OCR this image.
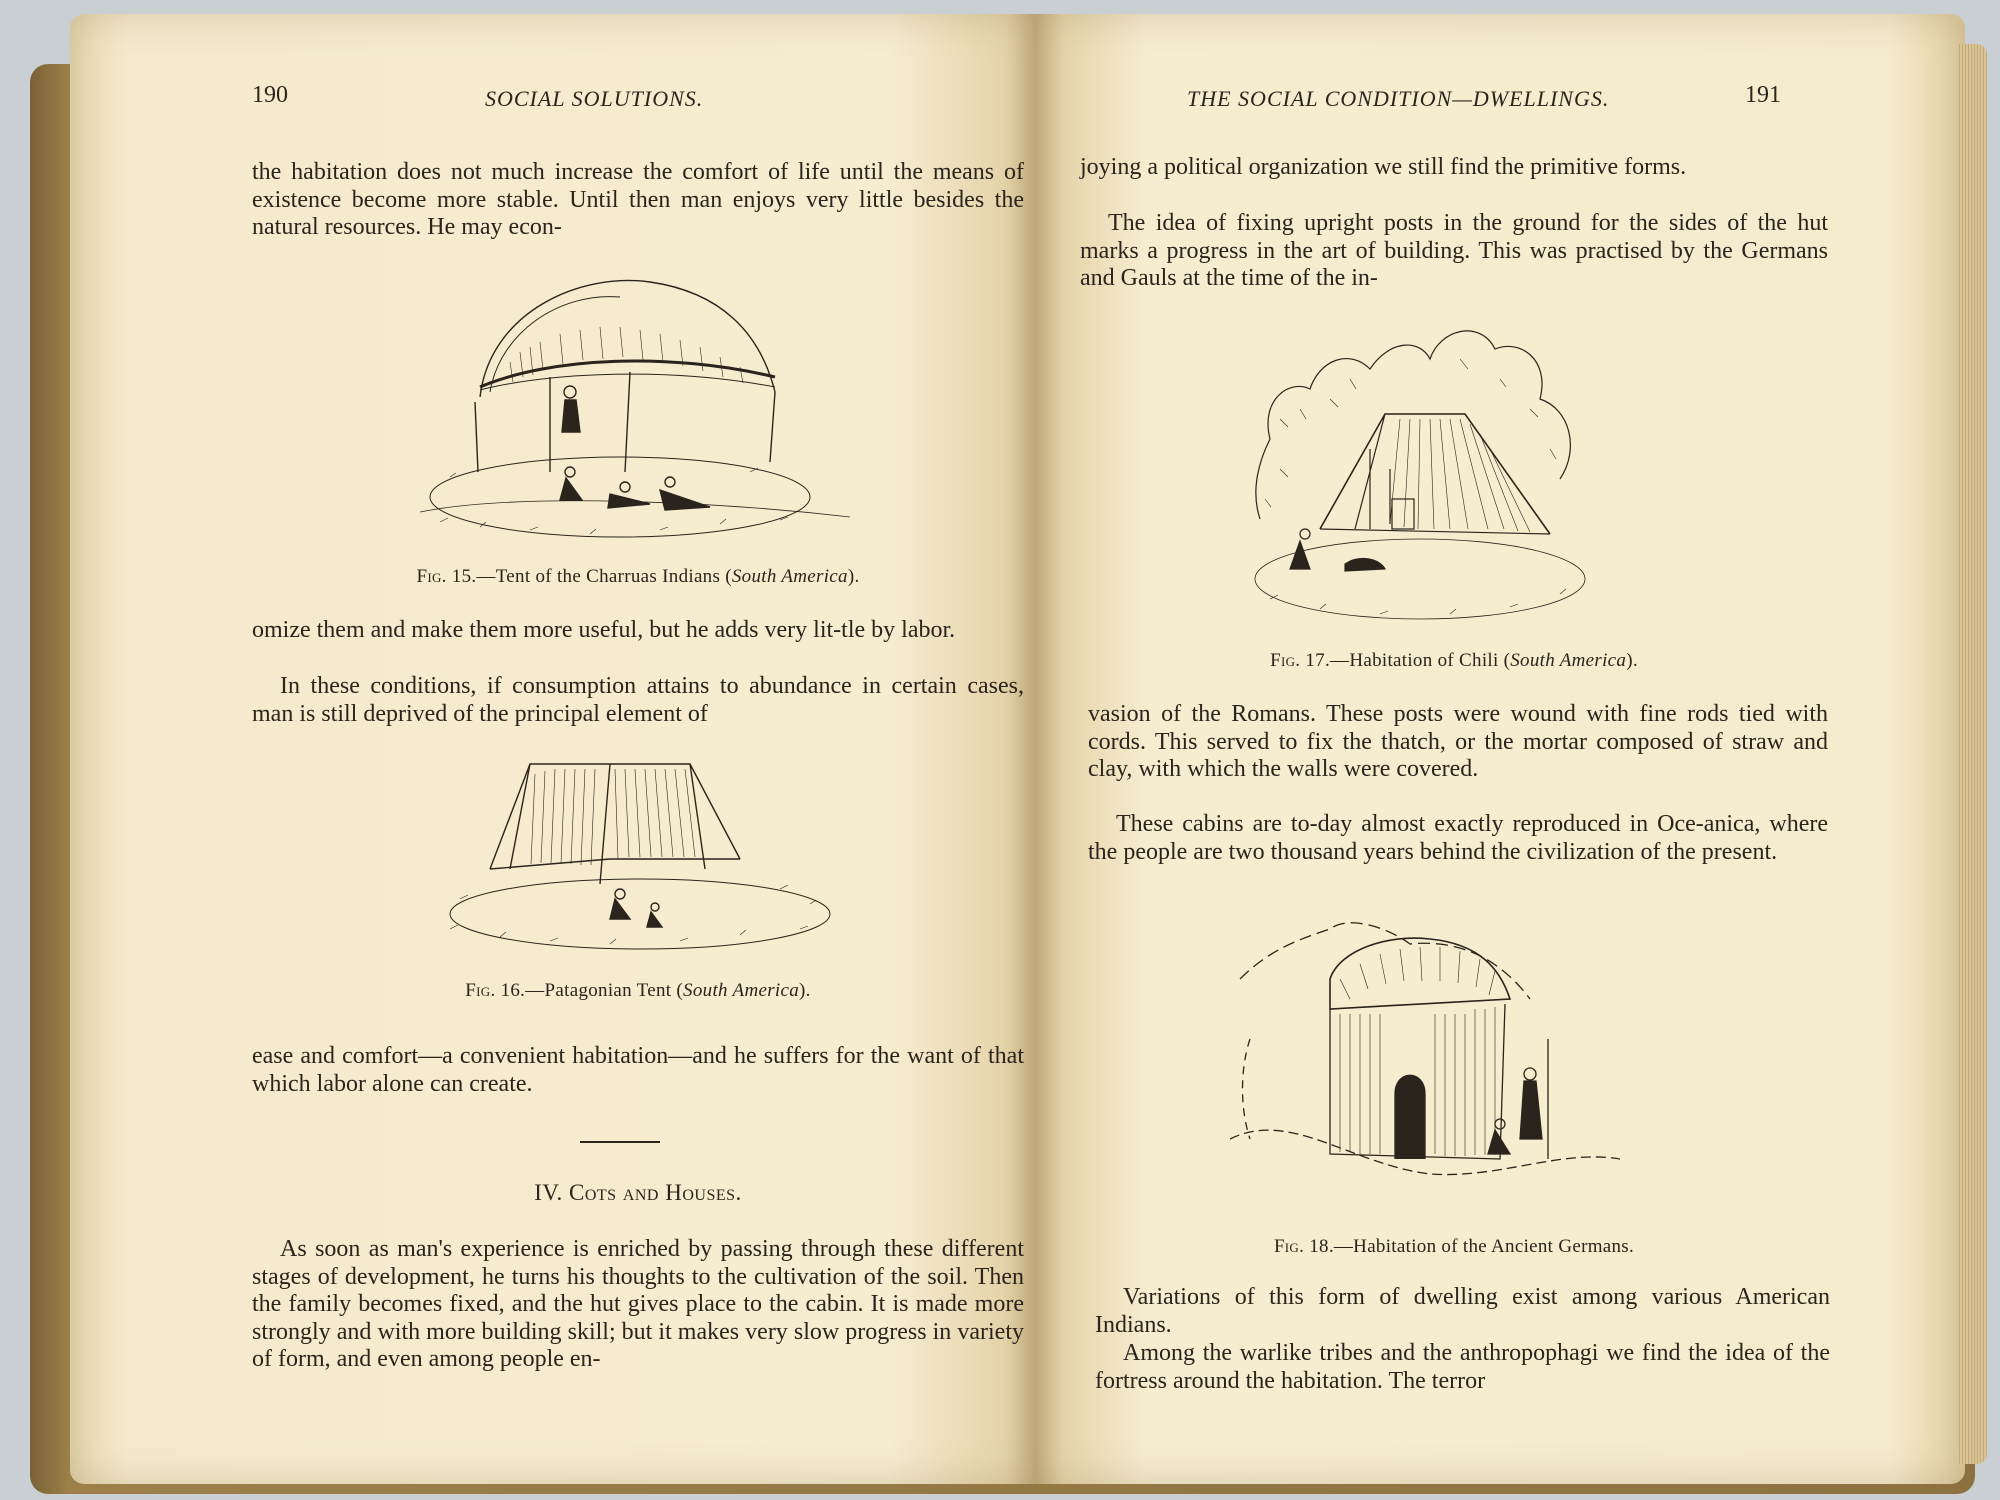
190	SOCIAL SOLUTIONS.

the habitation does not much increase the comfort of life until the means of existence become more stable. Until then man enjoys very little besides the natural resources. He may econ-

Fig. 15.—Tent of the Charruas Indians (South America).

omize them and make them more useful, but he adds very lit-tle by labor.

In these conditions, if consumption attains to abundance in certain cases, man is still deprived of the principal element of

Fig. 16.—Patagonian Tent (South America).

ease and comfort—a convenient habitation—and he suffers for the want of that which labor alone can create.

IV. Cots and Houses.

As soon as man's experience is enriched by passing through these different stages of development, he turns his thoughts to the cultivation of the soil. Then the family becomes fixed, and the hut gives place to the cabin. It is made more strongly and with more building skill; but it makes very slow progress in variety of form, and even among people en-

THE SOCIAL CONDITION—DWELLINGS.	191

joying a political organization we still find the primitive forms.

The idea of fixing upright posts in the ground for the sides of the hut marks a progress in the art of building. This was practised by the Germans and Gauls at the time of the in-

Fig. 17.—Habitation of Chili (South America).

vasion of the Romans. These posts were wound with fine rods tied with cords. This served to fix the thatch, or the mortar composed of straw and clay, with which the walls were covered.

These cabins are to-day almost exactly reproduced in Oce-anica, where the people are two thousand years behind the civilization of the present.

Fig. 18.—Habitation of the Ancient Germans.

Variations of this form of dwelling exist among various American Indians.

Among the warlike tribes and the anthropophagi we find the idea of the fortress around the habitation. The terror
